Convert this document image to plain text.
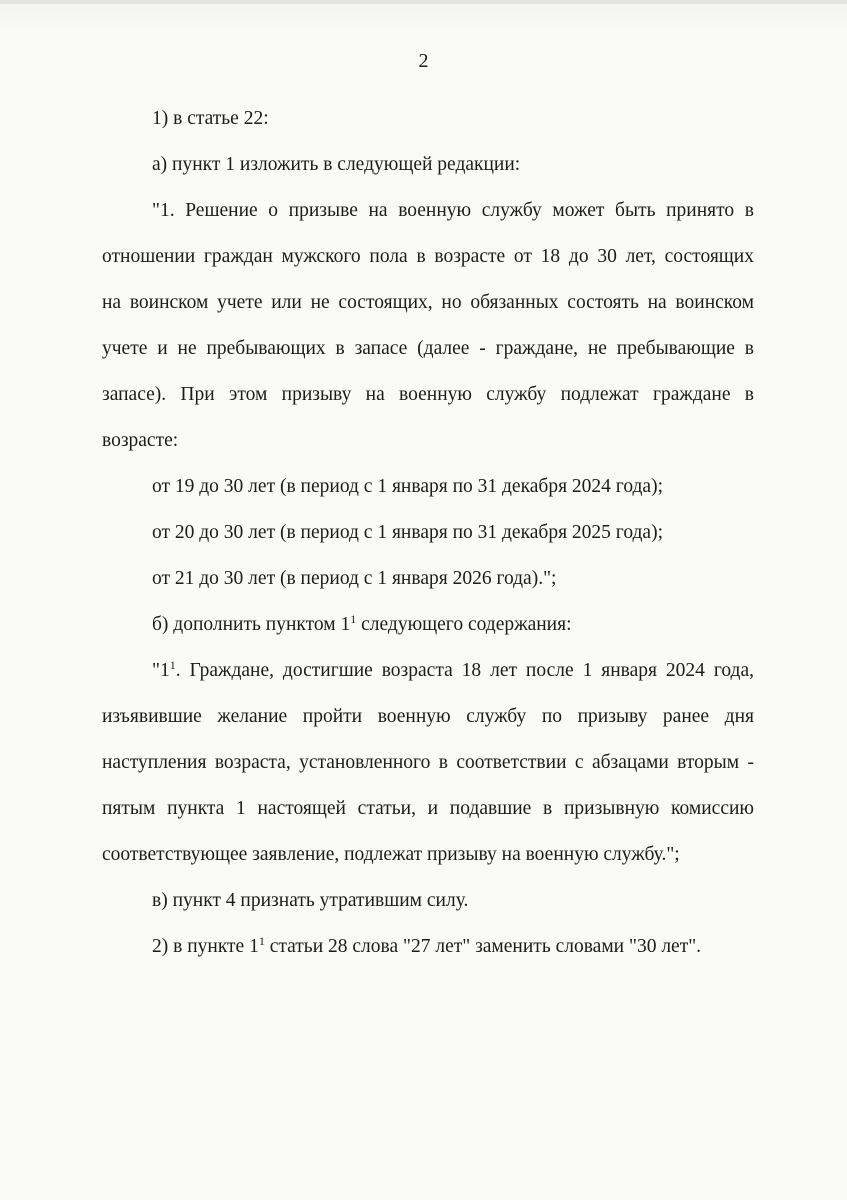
2

1) в статье 22:

а) пункт 1 изложить в следующей редакции:

"1. Решение о призыве на военную службу может быть принято в

отношении граждан мужского пола в возрасте от 18 до 30 лет, состоящих

на воинском учете или не состоящих, но обязанных состоять на воинском

учете и не пребывающих в запасе (далее - граждане, не пребывающие в

запасе). При этом призыву на военную службу подлежат граждане в

возрасте:

от 19 до 30 лет (в период с 1 января по 31 декабря 2024 года);

от 20 до 30 лет (в период с 1 января по 31 декабря 2025 года);

от 21 до 30 лет (в период с 1 января 2026 года).";

б) дополнить пунктом $1^1$ следующего содержания:

"$1^1$. Граждане, достигшие возраста 18 лет после 1 января 2024 года,

изъявившие желание пройти военную службу по призыву ранее дня

наступления возраста, установленного в соответствии с абзацами вторым -

пятым пункта 1 настоящей статьи, и подавшие в призывную комиссию

соответствующее заявление, подлежат призыву на военную службу.";

в) пункт 4 признать утратившим силу.

2) в пункте $1^1$ статьи 28 слова "27 лет" заменить словами "30 лет".
